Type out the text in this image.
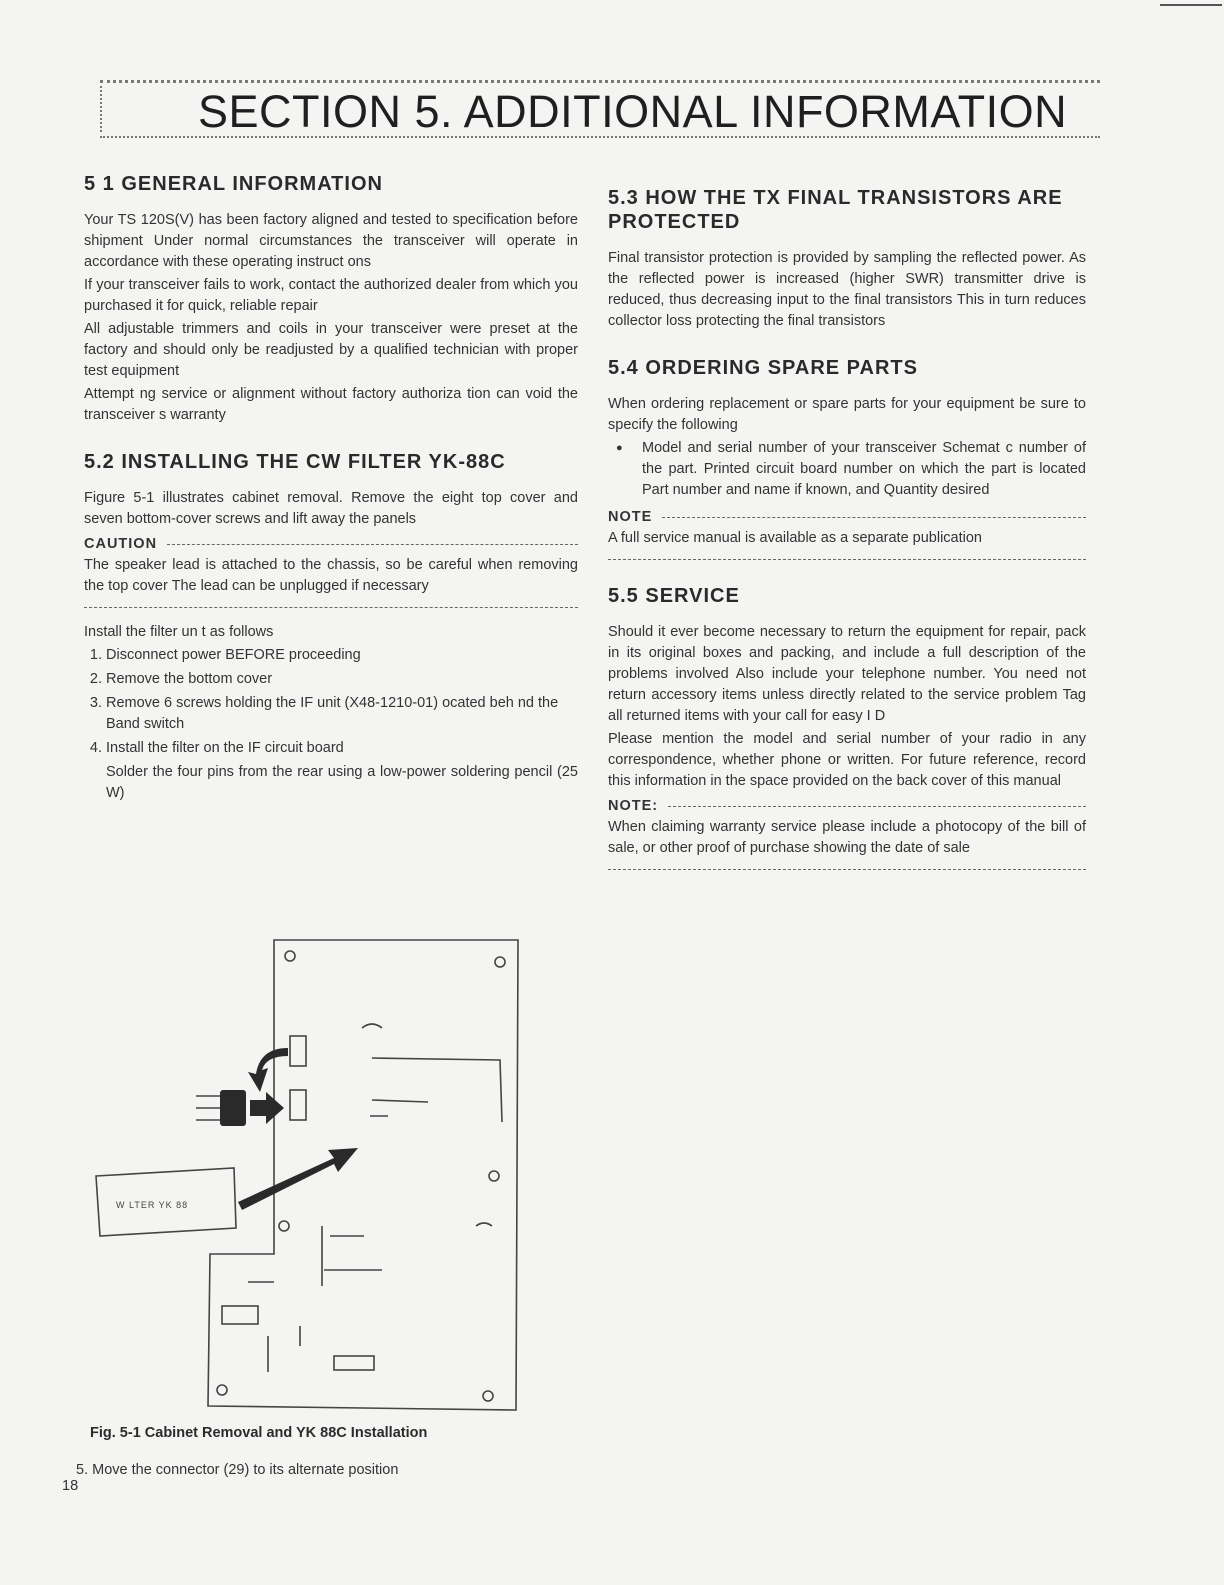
SECTION 5. ADDITIONAL INFORMATION
5 1 GENERAL INFORMATION

Your TS 120S(V) has been factory aligned and tested to specification before shipment Under normal circumstances the transceiver will operate in accordance with these operating instruct ons

If your transceiver fails to work, contact the authorized dealer from which you purchased it for quick, reliable repair

All adjustable trimmers and coils in your transceiver were preset at the factory and should only be readjusted by a qualified technician with proper test equipment

Attempt ng service or alignment without factory authoriza tion can void the transceiver s warranty

5.2 INSTALLING THE CW FILTER YK-88C

Figure 5-1 illustrates cabinet removal. Remove the eight top cover and seven bottom-cover screws and lift away the panels

CAUTION

The speaker lead is attached to the chassis, so be careful when removing the top cover The lead can be unplugged if necessary

Install the filter un t as follows

1. Disconnect power BEFORE proceeding
2. Remove the bottom cover
3. Remove 6 screws holding the IF unit (X48-1210-01) ocated beh nd the Band switch
4. Install the filter on the IF circuit board

Solder the four pins from the rear using a low-power soldering pencil (25 W)

W LTER YK 88
Fig. 5-1 Cabinet Removal and YK 88C Installation
5. Move the connector (29) to its alternate position
18
5.3 HOW THE TX FINAL TRANSISTORS ARE PROTECTED

Final transistor protection is provided by sampling the reflected power. As the reflected power is increased (higher SWR) transmitter drive is reduced, thus decreasing input to the final transistors This in turn reduces collector loss protecting the final transistors

5.4 ORDERING SPARE PARTS

When ordering replacement or spare parts for your equipment be sure to specify the following

● Model and serial number of your transceiver Schemat c number of the part. Printed circuit board number on which the part is located Part number and name if known, and Quantity desired
NOTE

A full service manual is available as a separate publication

5.5 SERVICE

Should it ever become necessary to return the equipment for repair, pack in its original boxes and packing, and include a full description of the problems involved Also include your telephone number. You need not return accessory items unless directly related to the service problem Tag all returned items with your call for easy I D

Please mention the model and serial number of your radio in any correspondence, whether phone or written. For future reference, record this information in the space provided on the back cover of this manual

NOTE:

When claiming warranty service please include a photocopy of the bill of sale, or other proof of purchase showing the date of sale
